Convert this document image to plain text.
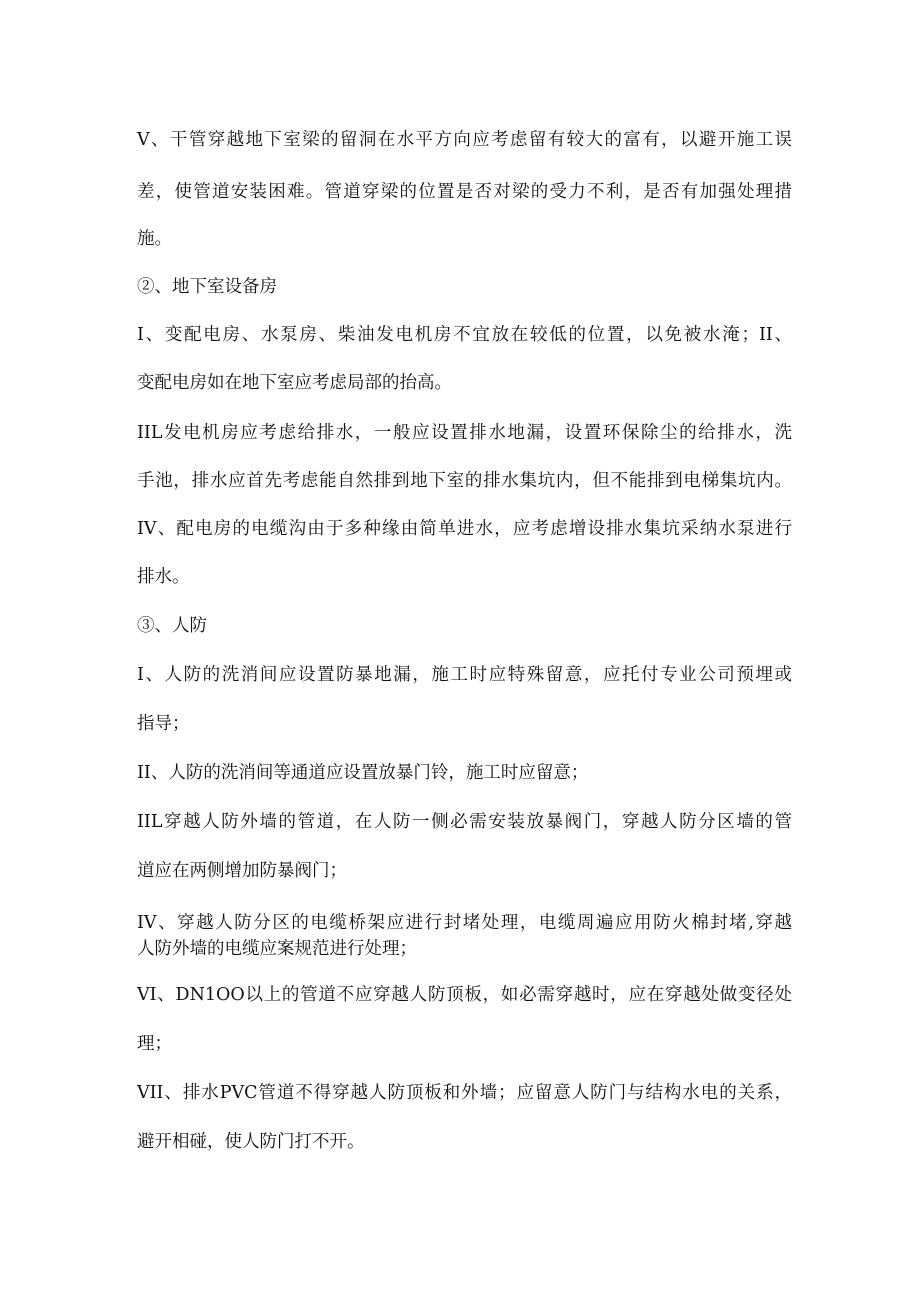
V、干管穿越地下室梁的留洞在水平方向应考虑留有较大的富有，以避开施工误
差，使管道安装困难。管道穿梁的位置是否对梁的受力不利，是否有加强处理措
施。
②、地下室设备房
I、变配电房、水泵房、柴油发电机房不宜放在较低的位置，以免被水淹；II、
变配电房如在地下室应考虑局部的抬高。
IIL发电机房应考虑给排水，一般应设置排水地漏，设置环保除尘的给排水，洗
手池，排水应首先考虑能自然排到地下室的排水集坑内，但不能排到电梯集坑内。
IV、配电房的电缆沟由于多种缘由简单进水，应考虑增设排水集坑采纳水泵进行
排水。
③、人防
I、人防的洗消间应设置防暴地漏，施工时应特殊留意，应托付专业公司预埋或
指导；
II、人防的洗消间等通道应设置放暴门铃，施工时应留意；
IIL穿越人防外墙的管道，在人防一侧必需安装放暴阀门，穿越人防分区墙的管
道应在两侧增加防暴阀门；
IV、穿越人防分区的电缆桥架应进行封堵处理，电缆周遍应用防火棉封堵,穿越
人防外墙的电缆应案规范进行处理；
VI、DN1OO以上的管道不应穿越人防顶板，如必需穿越时，应在穿越处做变径处
理；
VII、排水PVC管道不得穿越人防顶板和外墙；应留意人防门与结构水电的关系，
避开相碰，使人防门打不开。
